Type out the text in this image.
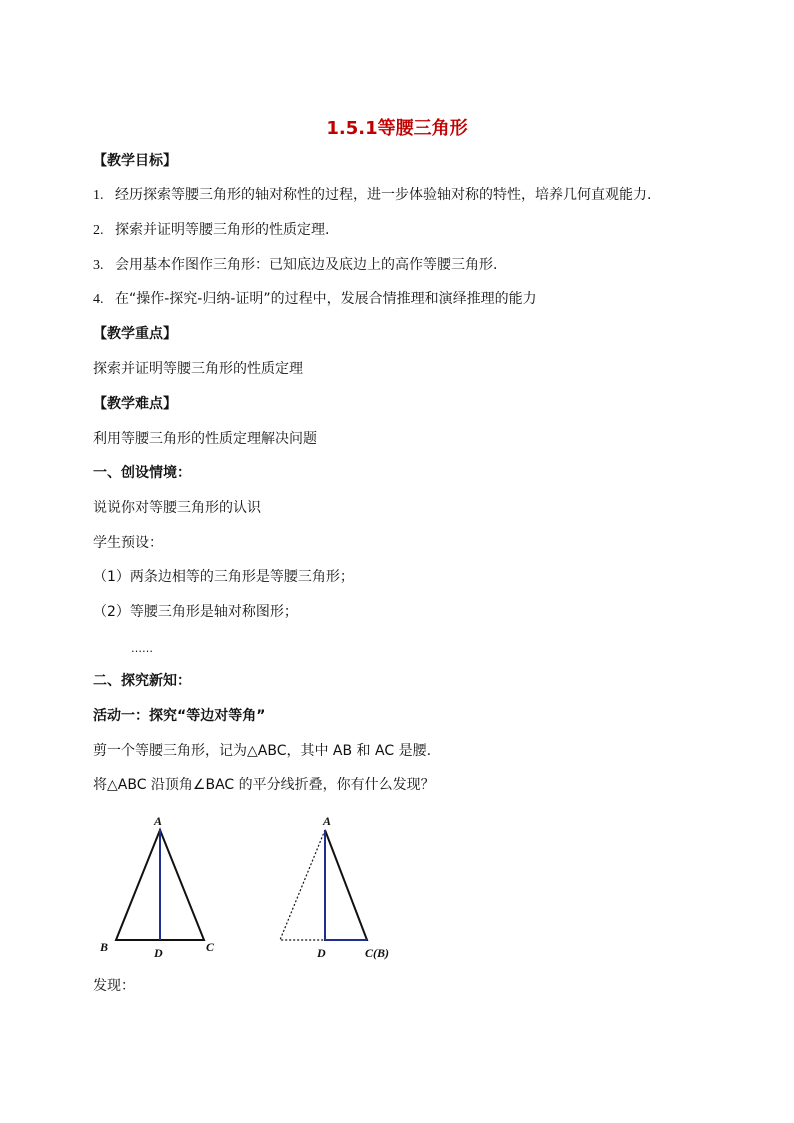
1.5.1等腰三角形
【教学目标】
1. 经历探索等腰三角形的轴对称性的过程，进一步体验轴对称的特性，培养几何直观能力.
2. 探索并证明等腰三角形的性质定理.
3. 会用基本作图作三角形：已知底边及底边上的高作等腰三角形.
4. 在“操作-探究-归纳-证明”的过程中，发展合情推理和演绎推理的能力
【教学重点】
探索并证明等腰三角形的性质定理
【教学难点】
利用等腰三角形的性质定理解决问题
一、创设情境：
说说你对等腰三角形的认识
学生预设：
（1）两条边相等的三角形是等腰三角形；
（2）等腰三角形是轴对称图形；
……
二、探究新知：
活动一：探究“等边对等角”
剪一个等腰三角形，记为△ABC，其中 AB 和 AC 是腰.
将△ABC 沿顶角∠BAC 的平分线折叠，你有什么发现？
A
B	D	C
A
D	C(B)
发现：
